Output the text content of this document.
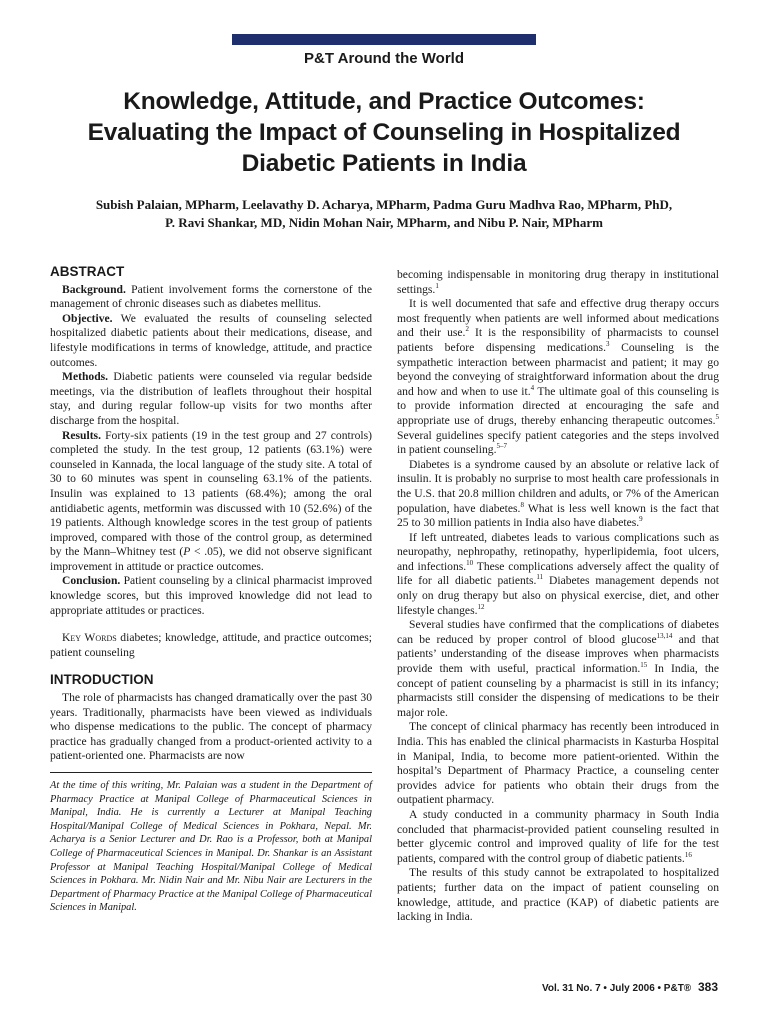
P&T Around the World
Knowledge, Attitude, and Practice Outcomes:
Evaluating the Impact of Counseling in Hospitalized
Diabetic Patients in India
Subish Palaian, MPharm, Leelavathy D. Acharya, MPharm, Padma Guru Madhva Rao, MPharm, PhD,
P. Ravi Shankar, MD, Nidin Mohan Nair, MPharm, and Nibu P. Nair, MPharm
ABSTRACT

Background. Patient involvement forms the cornerstone of the management of chronic diseases such as diabetes mellitus.

Objective. We evaluated the results of counseling selected hospitalized diabetic patients about their medications, disease, and lifestyle modifications in terms of knowledge, attitude, and practice outcomes.

Methods. Diabetic patients were counseled via regular bedside meetings, via the distribution of leaflets throughout their hospital stay, and during regular follow-up visits for two months after discharge from the hospital.

Results. Forty-six patients (19 in the test group and 27 controls) completed the study. In the test group, 12 patients (63.1%) were counseled in Kannada, the local language of the study site. A total of 30 to 60 minutes was spent in counseling 63.1% of the patients. Insulin was explained to 13 patients (68.4%); among the oral antidiabetic agents, metformin was discussed with 10 (52.6%) of the 19 patients. Although knowledge scores in the test group of patients improved, compared with those of the control group, as determined by the Mann–Whitney test (P < .05), we did not observe significant improvement in attitude or practice outcomes.

Conclusion. Patient counseling by a clinical pharmacist improved knowledge scores, but this improved knowledge did not lead to appropriate attitudes or practices.

Key Words diabetes; knowledge, attitude, and practice outcomes; patient counseling

INTRODUCTION

The role of pharmacists has changed dramatically over the past 30 years. Traditionally, pharmacists have been viewed as individuals who dispense medications to the public. The concept of pharmacy practice has gradually changed from a product-oriented activity to a patient-oriented one. Pharmacists are now

At the time of this writing, Mr. Palaian was a student in the Department of Pharmacy Practice at Manipal College of Pharmaceutical Sciences in Manipal, India. He is currently a Lecturer at Manipal Teaching Hospital/Manipal College of Medical Sciences in Pokhara, Nepal. Mr. Acharya is a Senior Lecturer and Dr. Rao is a Professor, both at Manipal College of Pharmaceutical Sciences in Manipal. Dr. Shankar is an Assistant Professor at Manipal Teaching Hospital/Manipal College of Medical Sciences in Pokhara. Mr. Nidin Nair and Mr. Nibu Nair are Lecturers in the Department of Pharmacy Practice at the Manipal College of Pharmaceutical Sciences in Manipal.

becoming indispensable in monitoring drug therapy in institutional settings.$^1$

It is well documented that safe and effective drug therapy occurs most frequently when patients are well informed about medications and their use.$^2$ It is the responsibility of pharmacists to counsel patients before dispensing medications.$^3$ Counseling is the sympathetic interaction between pharmacist and patient; it may go beyond the conveying of straightforward information about the drug and how and when to use it.$^4$ The ultimate goal of this counseling is to provide information directed at encouraging the safe and appropriate use of drugs, thereby enhancing therapeutic outcomes.$^5$ Several guidelines specify patient categories and the steps involved in patient counseling.$^{5-7}$

Diabetes is a syndrome caused by an absolute or relative lack of insulin. It is probably no surprise to most health care professionals in the U.S. that 20.8 million children and adults, or 7% of the American population, have diabetes.$^8$ What is less well known is the fact that 25 to 30 million patients in India also have diabetes.$^9$

If left untreated, diabetes leads to various complications such as neuropathy, nephropathy, retinopathy, hyperlipidemia, foot ulcers, and infections.$^{10}$ These complications adversely affect the quality of life for all diabetic patients.$^{11}$ Diabetes management depends not only on drug therapy but also on physical exercise, diet, and other lifestyle changes.$^{12}$

Several studies have confirmed that the complications of diabetes can be reduced by proper control of blood glucose$^{13,14}$ and that patients’ understanding of the disease improves when pharmacists provide them with useful, practical information.$^{15}$ In India, the concept of patient counseling by a pharmacist is still in its infancy; pharmacists still consider the dispensing of medications to be their major role.

The concept of clinical pharmacy has recently been introduced in India. This has enabled the clinical pharmacists in Kasturba Hospital in Manipal, India, to become more patient-oriented. Within the hospital’s Department of Pharmacy Practice, a counseling center provides advice for patients who obtain their drugs from the outpatient pharmacy.

A study conducted in a community pharmacy in South India concluded that pharmacist-provided patient counseling resulted in better glycemic control and improved quality of life for the test patients, compared with the control group of diabetic patients.$^{16}$

The results of this study cannot be extrapolated to hospitalized patients; further data on the impact of patient counseling on knowledge, attitude, and practice (KAP) of diabetic patients are lacking in India.

Vol. 31 No. 7 • July 2006 • P&T® 383
